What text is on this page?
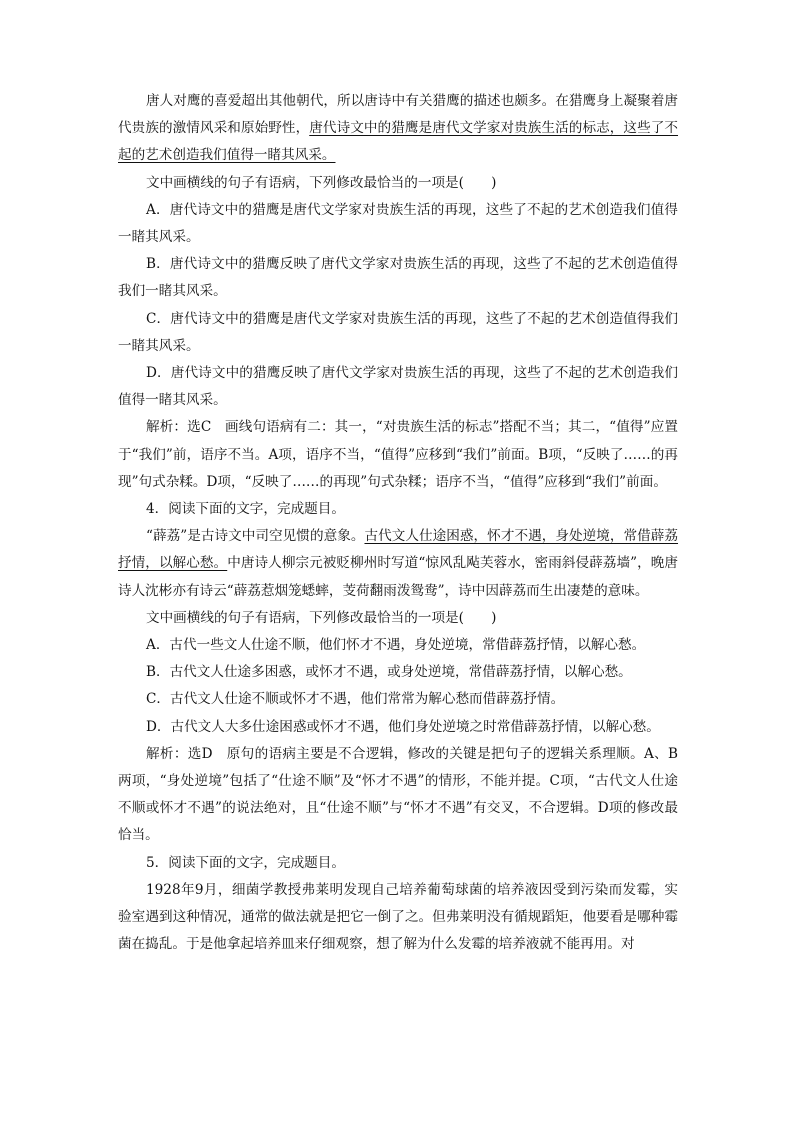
唐人对鹰的喜爱超出其他朝代，所以唐诗中有关猎鹰的描述也颇多。在猎鹰身上凝聚着唐代贵族的激情风采和原始野性，唐代诗文中的猎鹰是唐代文学家对贵族生活的标志，这些了不起的艺术创造我们值得一睹其风采。

文中画横线的句子有语病，下列修改最恰当的一项是(　　)

A．唐代诗文中的猎鹰是唐代文学家对贵族生活的再现，这些了不起的艺术创造我们值得一睹其风采。

B．唐代诗文中的猎鹰反映了唐代文学家对贵族生活的再现，这些了不起的艺术创造值得我们一睹其风采。

C．唐代诗文中的猎鹰是唐代文学家对贵族生活的再现，这些了不起的艺术创造值得我们一睹其风采。

D．唐代诗文中的猎鹰反映了唐代文学家对贵族生活的再现，这些了不起的艺术创造我们值得一睹其风采。

解析：选C　画线句语病有二：其一，“对贵族生活的标志”搭配不当；其二，“值得”应置于“我们”前，语序不当。A项，语序不当，“值得”应移到“我们”前面。B项，“反映了……的再现”句式杂糅。D项，“反映了……的再现”句式杂糅；语序不当，“值得”应移到“我们”前面。

4．阅读下面的文字，完成题目。

“薜荔”是古诗文中司空见惯的意象。古代文人仕途困惑，怀才不遇，身处逆境，常借薜荔抒情，以解心愁。中唐诗人柳宗元被贬柳州时写道“惊风乱飐芙蓉水，密雨斜侵薜荔墙”，晚唐诗人沈彬亦有诗云“薜荔惹烟笼蟋蟀，芰荷翻雨泼鸳鸯”，诗中因薜荔而生出凄楚的意味。

文中画横线的句子有语病，下列修改最恰当的一项是(　　)

A．古代一些文人仕途不顺，他们怀才不遇，身处逆境，常借薜荔抒情，以解心愁。

B．古代文人仕途多困惑，或怀才不遇，或身处逆境，常借薜荔抒情，以解心愁。

C．古代文人仕途不顺或怀才不遇，他们常常为解心愁而借薜荔抒情。

D．古代文人大多仕途困惑或怀才不遇，他们身处逆境之时常借薜荔抒情，以解心愁。

解析：选D　原句的语病主要是不合逻辑，修改的关键是把句子的逻辑关系理顺。A、B两项，“身处逆境”包括了“仕途不顺”及“怀才不遇”的情形，不能并提。C项，“古代文人仕途不顺或怀才不遇”的说法绝对，且“仕途不顺”与“怀才不遇”有交叉，不合逻辑。D项的修改最恰当。

5．阅读下面的文字，完成题目。

1928年9月，细菌学教授弗莱明发现自己培养葡萄球菌的培养液因受到污染而发霉，实验室遇到这种情况，通常的做法就是把它一倒了之。但弗莱明没有循规蹈矩，他要看是哪种霉菌在捣乱。于是他拿起培养皿来仔细观察，想了解为什么发霉的培养液就不能再用。对
